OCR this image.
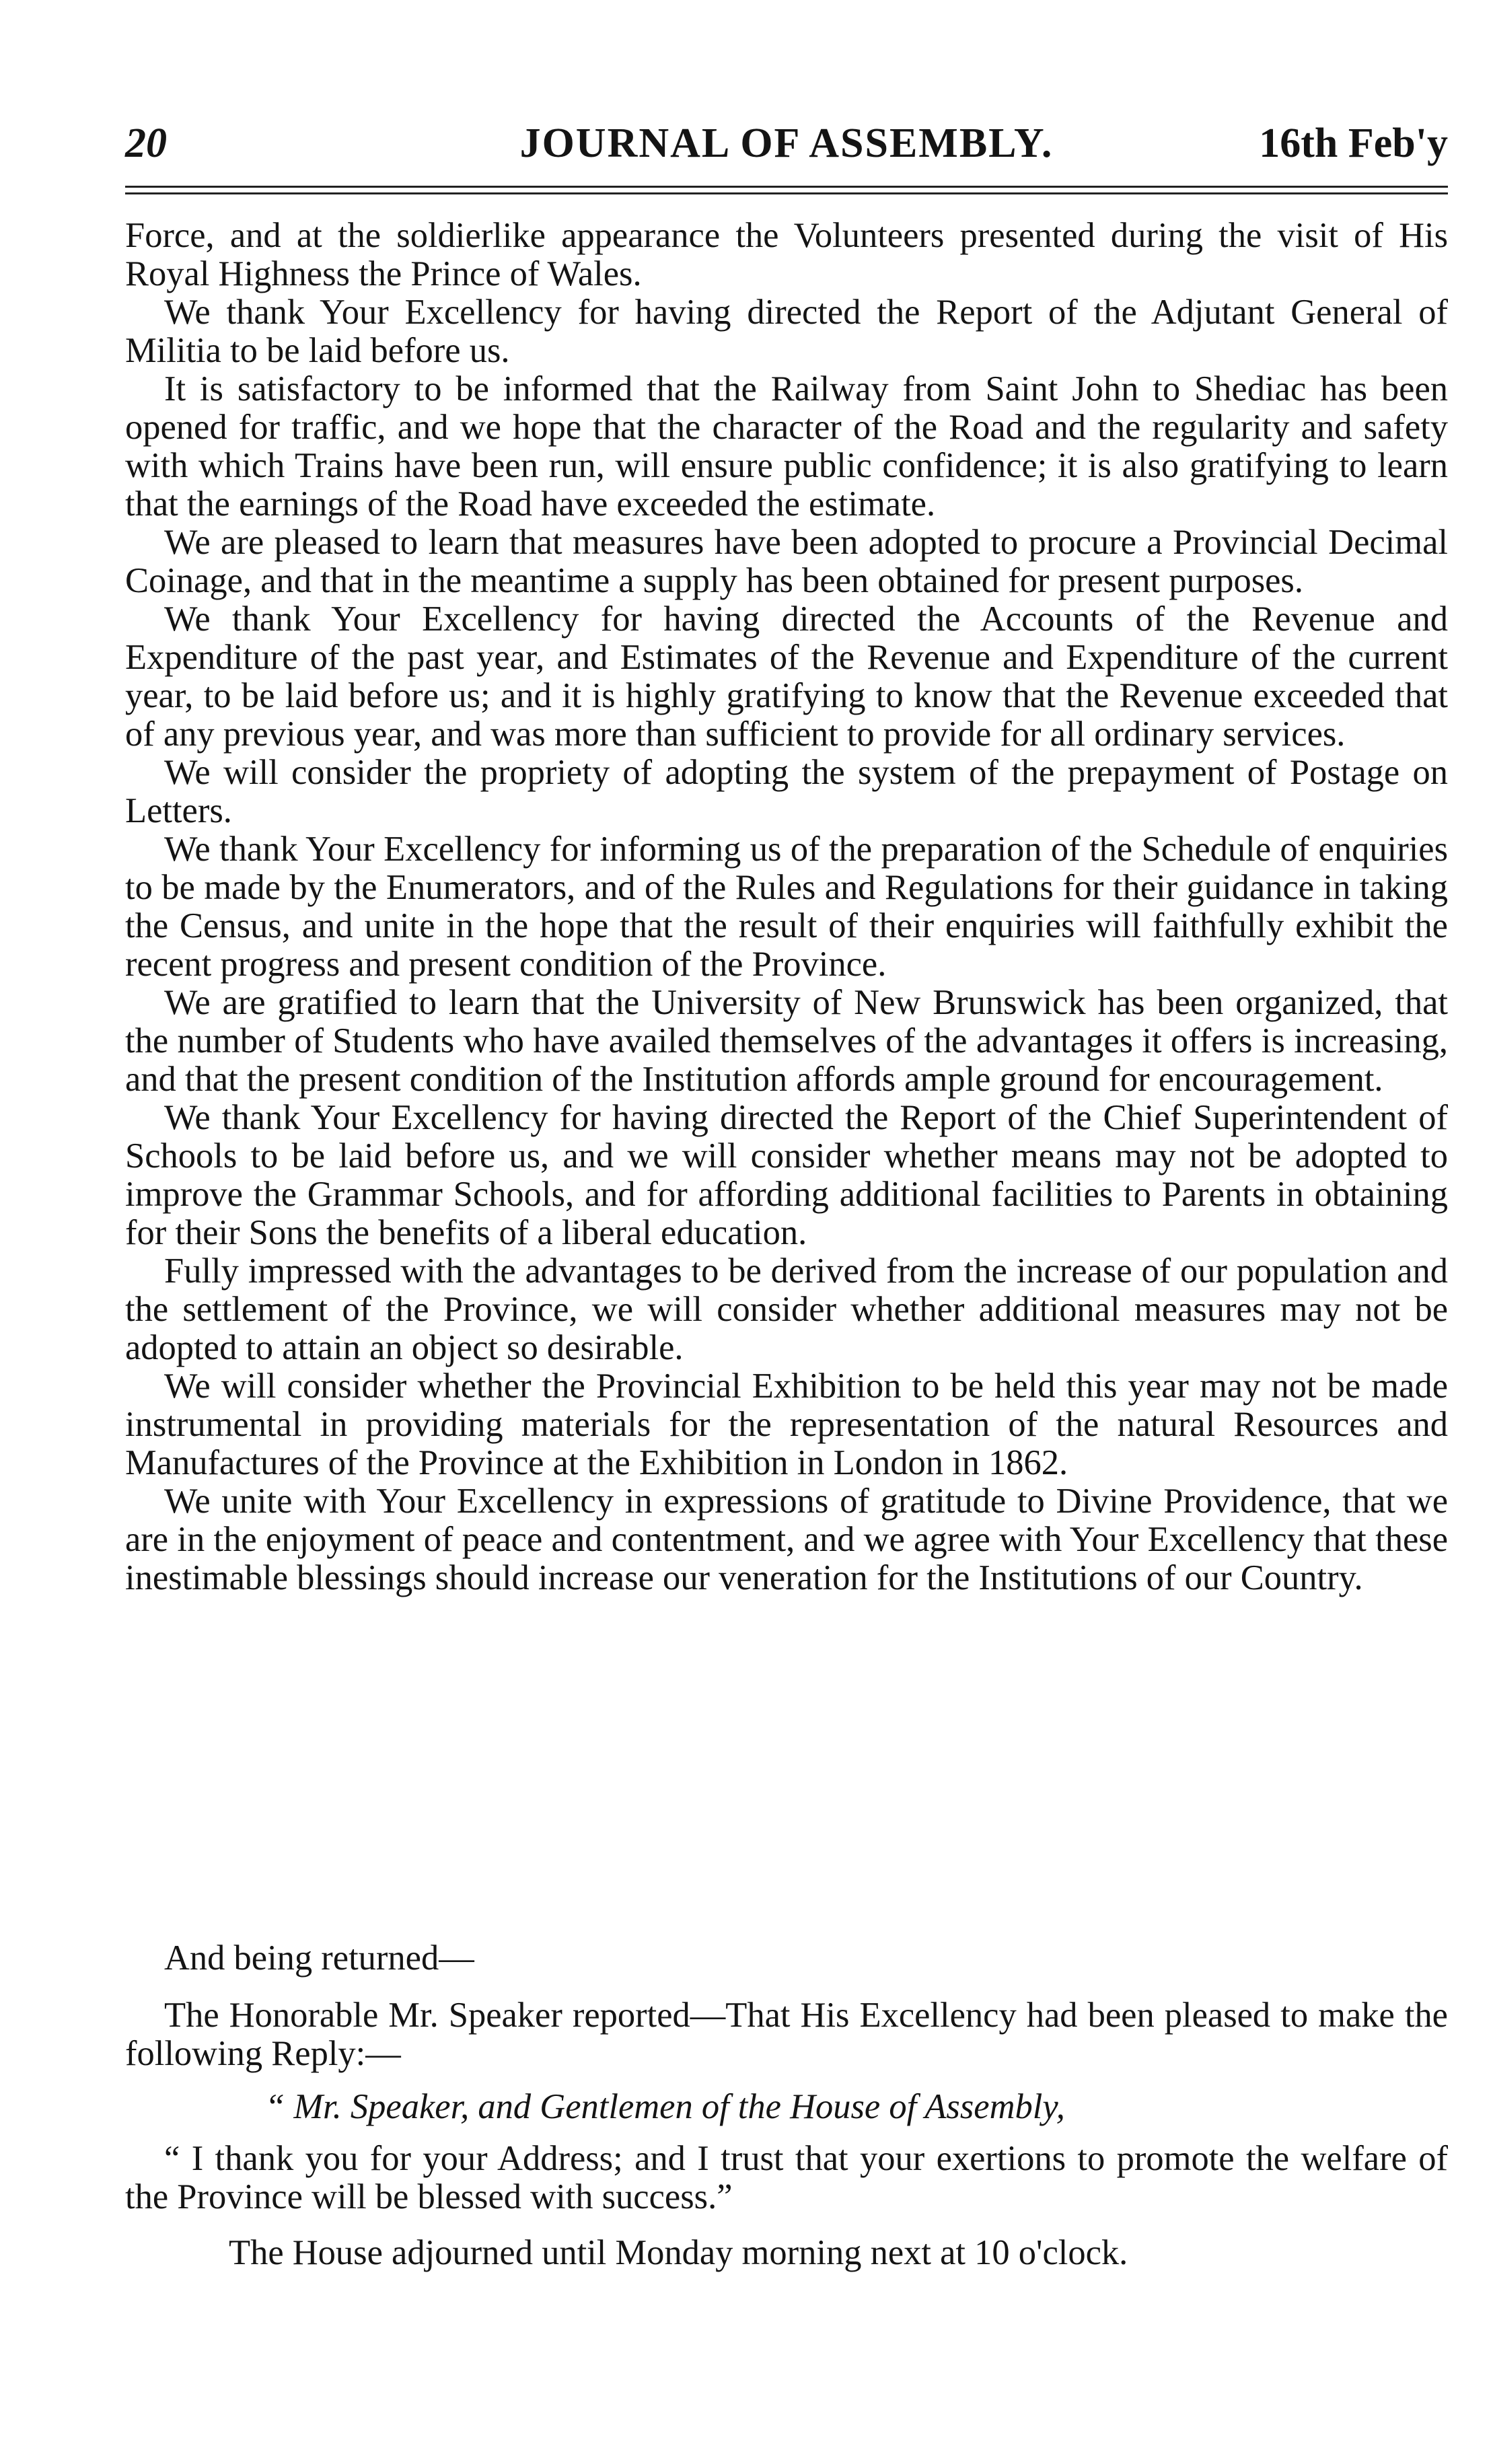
20	JOURNAL OF ASSEMBLY.	16th Feb'y

Force, and at the soldierlike appearance the Volunteers presented during the visit of His Royal Highness the Prince of Wales.

We thank Your Excellency for having directed the Report of the Adjutant General of Militia to be laid before us.

It is satisfactory to be informed that the Railway from Saint John to Shediac has been opened for traffic, and we hope that the character of the Road and the regularity and safety with which Trains have been run, will ensure public confidence; it is also gratifying to learn that the earnings of the Road have exceeded the estimate.

We are pleased to learn that measures have been adopted to procure a Provincial Decimal Coinage, and that in the meantime a supply has been obtained for present purposes.

We thank Your Excellency for having directed the Accounts of the Revenue and Expenditure of the past year, and Estimates of the Revenue and Expenditure of the current year, to be laid before us; and it is highly gratifying to know that the Revenue exceeded that of any previous year, and was more than sufficient to provide for all ordinary services.

We will consider the propriety of adopting the system of the prepayment of Postage on Letters.

We thank Your Excellency for informing us of the preparation of the Schedule of enquiries to be made by the Enumerators, and of the Rules and Regulations for their guidance in taking the Census, and unite in the hope that the result of their enquiries will faithfully exhibit the recent progress and present condition of the Province.

We are gratified to learn that the University of New Brunswick has been organized, that the number of Students who have availed themselves of the advantages it offers is increasing, and that the present condition of the Institution affords ample ground for encouragement.

We thank Your Excellency for having directed the Report of the Chief Superintendent of Schools to be laid before us, and we will consider whether means may not be adopted to improve the Grammar Schools, and for affording additional facilities to Parents in obtaining for their Sons the benefits of a liberal education.

Fully impressed with the advantages to be derived from the increase of our population and the settlement of the Province, we will consider whether additional measures may not be adopted to attain an object so desirable.

We will consider whether the Provincial Exhibition to be held this year may not be made instrumental in providing materials for the representation of the natural Resources and Manufactures of the Province at the Exhibition in London in 1862.

We unite with Your Excellency in expressions of gratitude to Divine Providence, that we are in the enjoyment of peace and contentment, and we agree with Your Excellency that these inestimable blessings should increase our veneration for the Institutions of our Country.

And being returned—

The Honorable Mr. Speaker reported—That His Excellency had been pleased to make the following Reply:—

“ Mr. Speaker, and Gentlemen of the House of Assembly,

“ I thank you for your Address; and I trust that your exertions to promote the welfare of the Province will be blessed with success.”

The House adjourned until Monday morning next at 10 o'clock.
